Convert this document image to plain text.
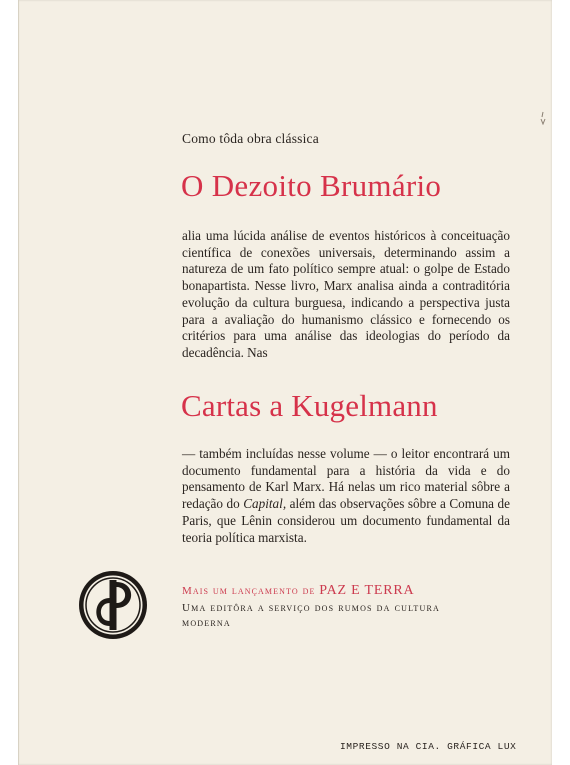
Como tôda obra clássica
O Dezoito Brumário
alia uma lúcida análise de eventos históricos à conceituação científica de conexões universais, determinando assim a natureza de um fato político sempre atual: o golpe de Estado bonapartista. Nesse livro, Marx analisa ainda a contraditória evolução da cultura burguesa, indicando a perspectiva justa para a avaliação do humanismo clássico e fornecendo os critérios para uma análise das ideologias do período da decadência. Nas
Cartas a Kugelmann
— também incluídas nesse volume — o leitor encontrará um documento fundamental para a história da vida e do pensamento de Karl Marx. Há nelas um rico material sôbre a redação do Capital, além das observações sôbre a Comuna de Paris, que Lênin considerou um documento fundamental da teoria política marxista.
Mais um lançamento de PAZ E TERRA
Uma editôra a serviço dos rumos da cultura
moderna
IMPRESSO NA CIA. GRÁFICA LUX
